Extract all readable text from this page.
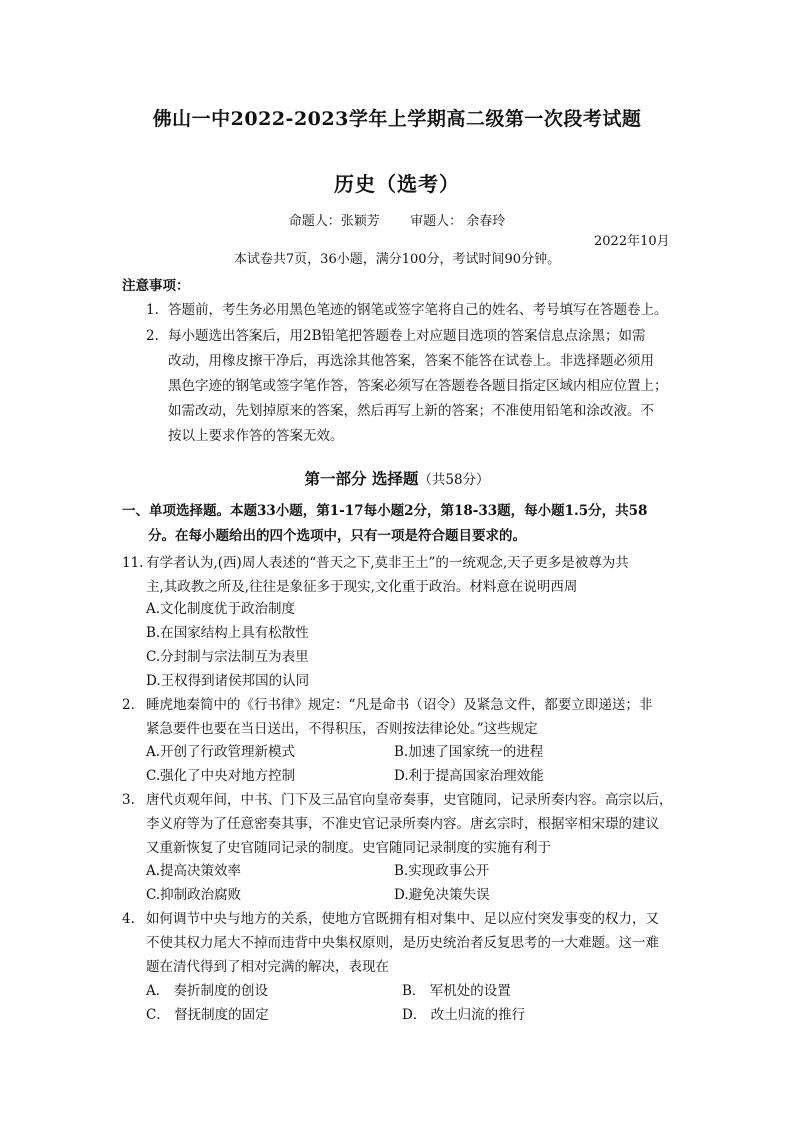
佛山一中2022-2023学年上学期高二级第一次段考试题
历史（选考）
命题人：张颖芳 审题人： 余春玲
2022年10月
本试卷共7页，36小题，满分100分，考试时间90分钟。
注意事项：
1. 答题前，考生务必用黑色笔迹的钢笔或签字笔将自己的姓名、考号填写在答题卷上。
2. 每小题选出答案后，用2B铅笔把答题卷上对应题目选项的答案信息点涂黑；如需
改动，用橡皮擦干净后，再选涂其他答案，答案不能答在试卷上。非选择题必须用
黑色字迹的钢笔或签字笔作答，答案必须写在答题卷各题目指定区域内相应位置上；
如需改动，先划掉原来的答案，然后再写上新的答案；不准使用铅笔和涂改液。不
按以上要求作答的答案无效。
第一部分 选择题（共58分）
一、单项选择题。本题33小题，第1-17每小题2分，第18-33题，每小题1.5分，共58
分。在每小题给出的四个选项中，只有一项是符合题目要求的。
11. 有学者认为,(西)周人表述的“普天之下,莫非王土”的一统观念,天子更多是被尊为共
主,其政教之所及,往往是象征多于现实,文化重于政治。材料意在说明西周
A.文化制度优于政治制度
B.在国家结构上具有松散性
C.分封制与宗法制互为表里
D.王权得到诸侯邦国的认同
2. 睡虎地秦简中的《行书律》规定：“凡是命书（诏令）及紧急文件，都要立即递送；非
紧急要件也要在当日送出，不得积压，否则按法律论处。”这些规定
A.开创了行政管理新模式	B.加速了国家统一的进程
C.强化了中央对地方控制	D.利于提高国家治理效能
3. 唐代贞观年间，中书、门下及三品官向皇帝奏事，史官随同，记录所奏内容。高宗以后，
李义府等为了任意密奏其事，不准史官记录所奏内容。唐玄宗时，根据宰相宋璟的建议
又重新恢复了史官随同记录的制度。史官随同记录制度的实施有利于
A.提高决策效率	B.实现政事公开
C.抑制政治腐败	D.避免决策失误
4. 如何调节中央与地方的关系，使地方官既拥有相对集中、足以应付突发事变的权力，又
不使其权力尾大不掉而违背中央集权原则，是历史统治者反复思考的一大难题。这一难
题在清代得到了相对完满的解决，表现在
A． 奏折制度的创设	B． 军机处的设置
C． 督抚制度的固定	D． 改土归流的推行
